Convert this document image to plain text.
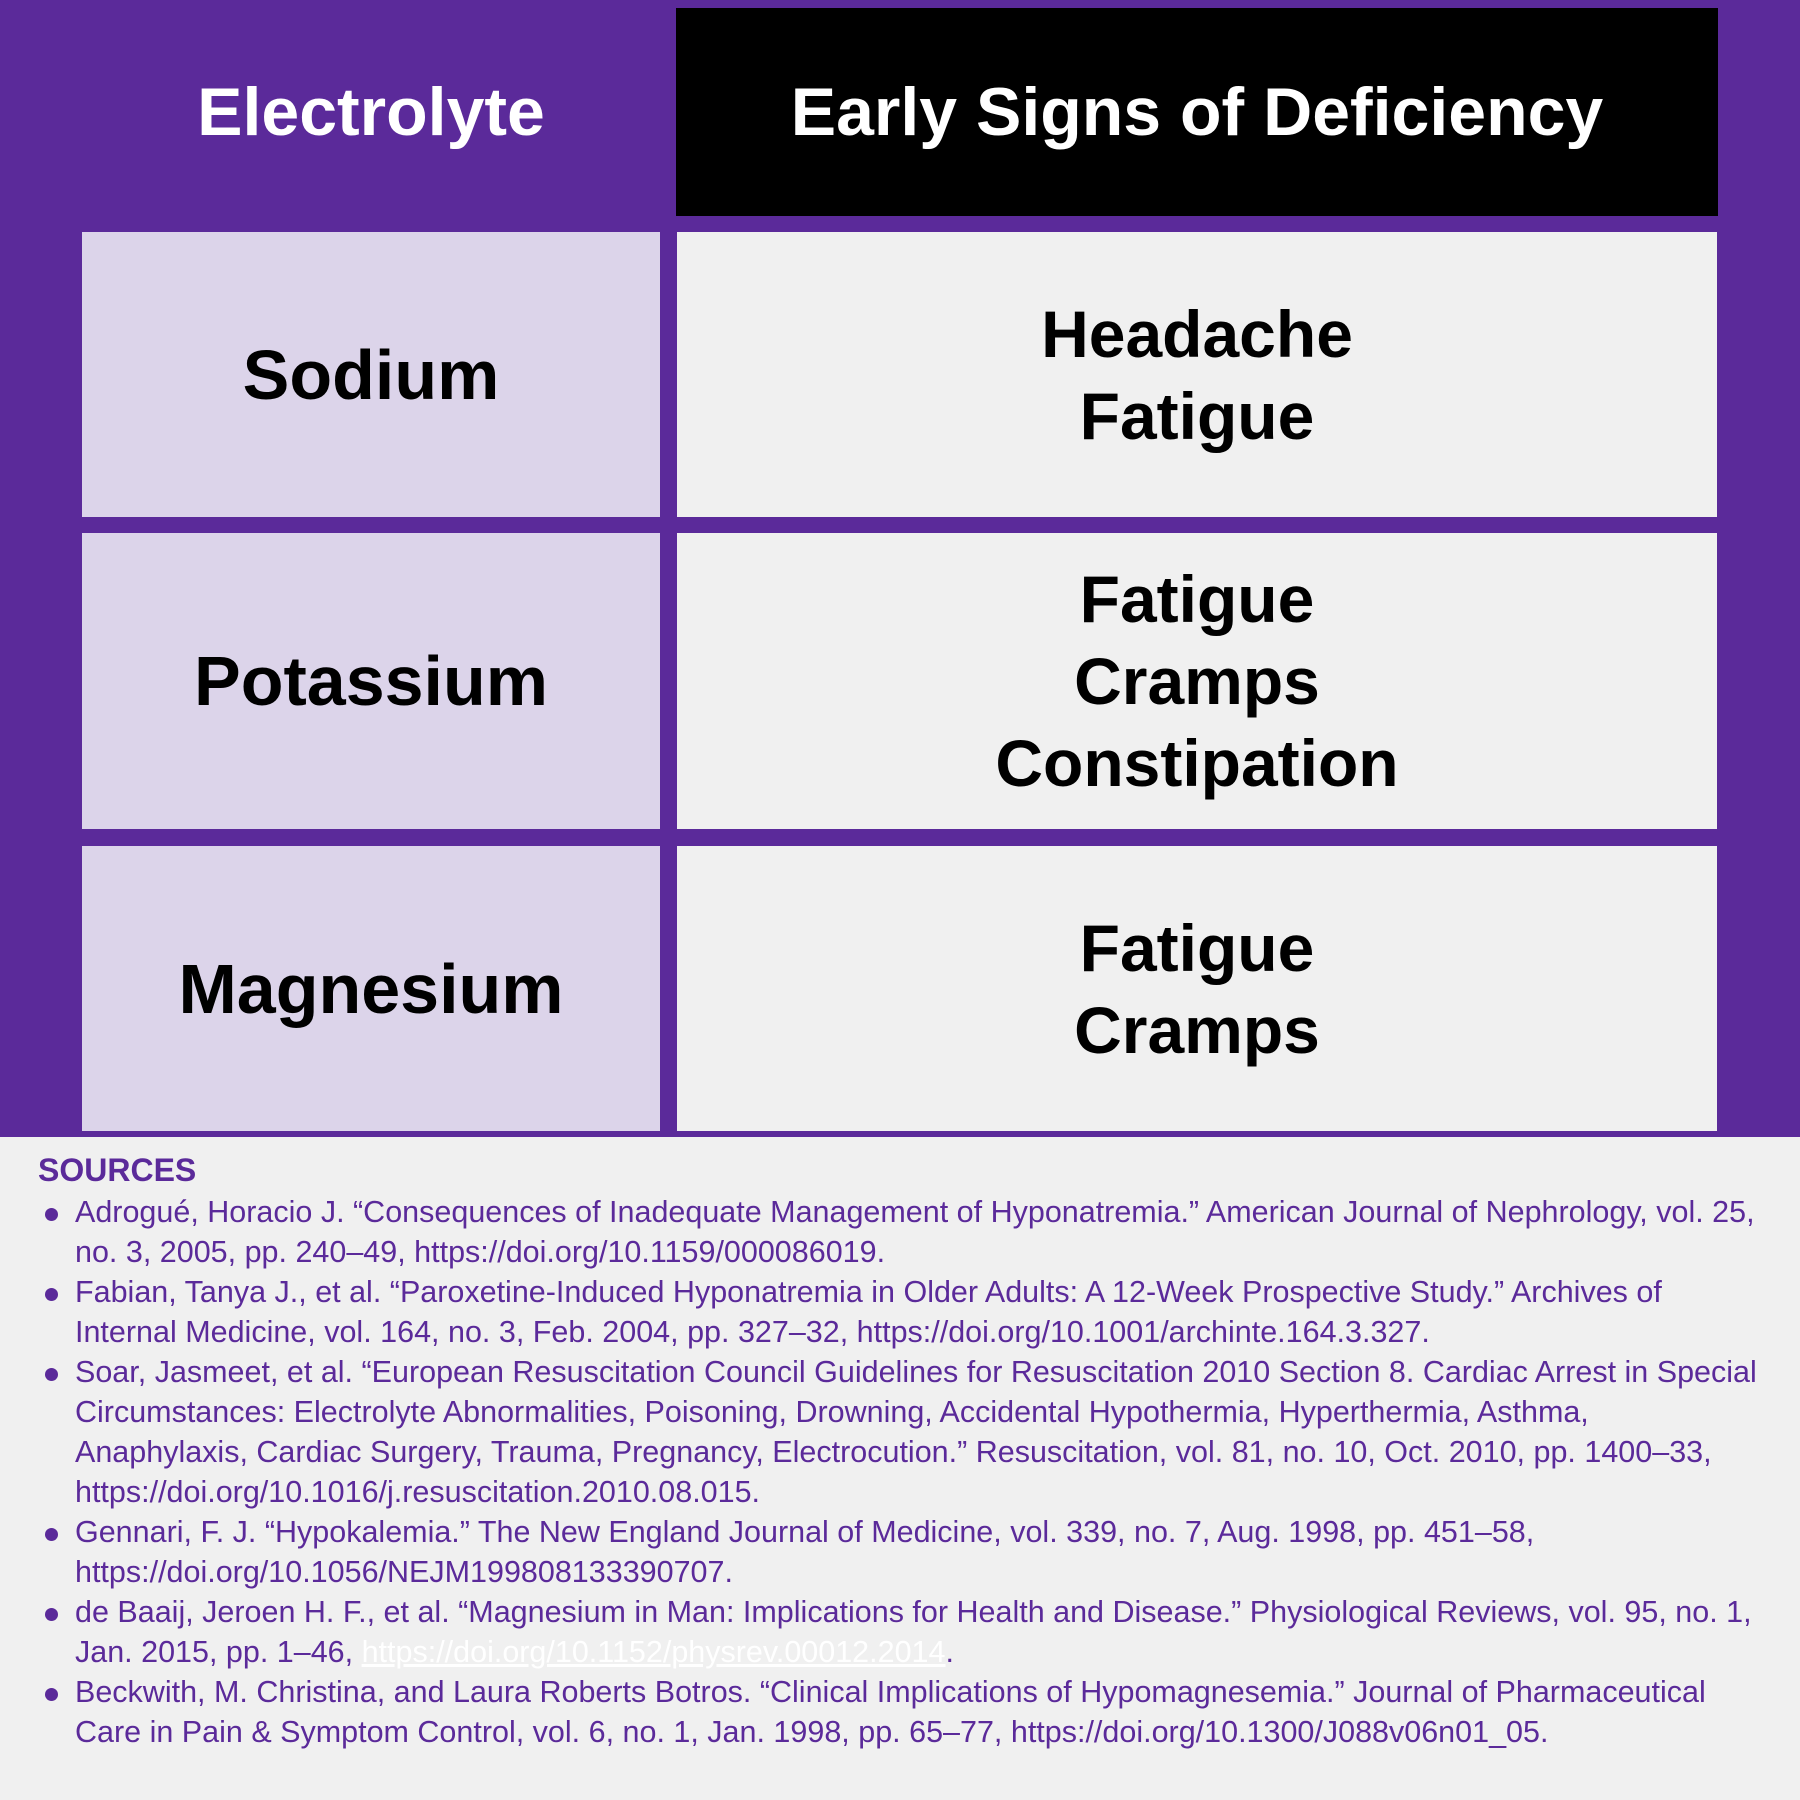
Electrolyte	Early Signs of Deficiency
Sodium
Headache
Fatigue
Potassium
Fatigue
Cramps
Constipation
Magnesium
Fatigue
Cramps
SOURCES
Adrogué, Horacio J. “Consequences of Inadequate Management of Hyponatremia.” American Journal of Nephrology, vol. 25, no. 3, 2005, pp. 240–49, https://doi.org/10.1159/000086019.
Fabian, Tanya J., et al. “Paroxetine-Induced Hyponatremia in Older Adults: A 12-Week Prospective Study.” Archives of Internal Medicine, vol. 164, no. 3, Feb. 2004, pp. 327–32, https://doi.org/10.1001/archinte.164.3.327.
Soar, Jasmeet, et al. “European Resuscitation Council Guidelines for Resuscitation 2010 Section 8. Cardiac Arrest in Special Circumstances: Electrolyte Abnormalities, Poisoning, Drowning, Accidental Hypothermia, Hyperthermia, Asthma, Anaphylaxis, Cardiac Surgery, Trauma, Pregnancy, Electrocution.” Resuscitation, vol. 81, no. 10, Oct. 2010, pp. 1400–33, https://doi.org/10.1016/j.resuscitation.2010.08.015.
Gennari, F. J. “Hypokalemia.” The New England Journal of Medicine, vol. 339, no. 7, Aug. 1998, pp. 451–58, https://doi.org/10.1056/NEJM199808133390707.
de Baaij, Jeroen H. F., et al. “Magnesium in Man: Implications for Health and Disease.” Physiological Reviews, vol. 95, no. 1, Jan. 2015, pp. 1–46, https://doi.org/10.1152/physrev.00012.2014.
Beckwith, M. Christina, and Laura Roberts Botros. “Clinical Implications of Hypomagnesemia.” Journal of Pharmaceutical Care in Pain & Symptom Control, vol. 6, no. 1, Jan. 1998, pp. 65–77, https://doi.org/10.1300/J088v06n01_05.
